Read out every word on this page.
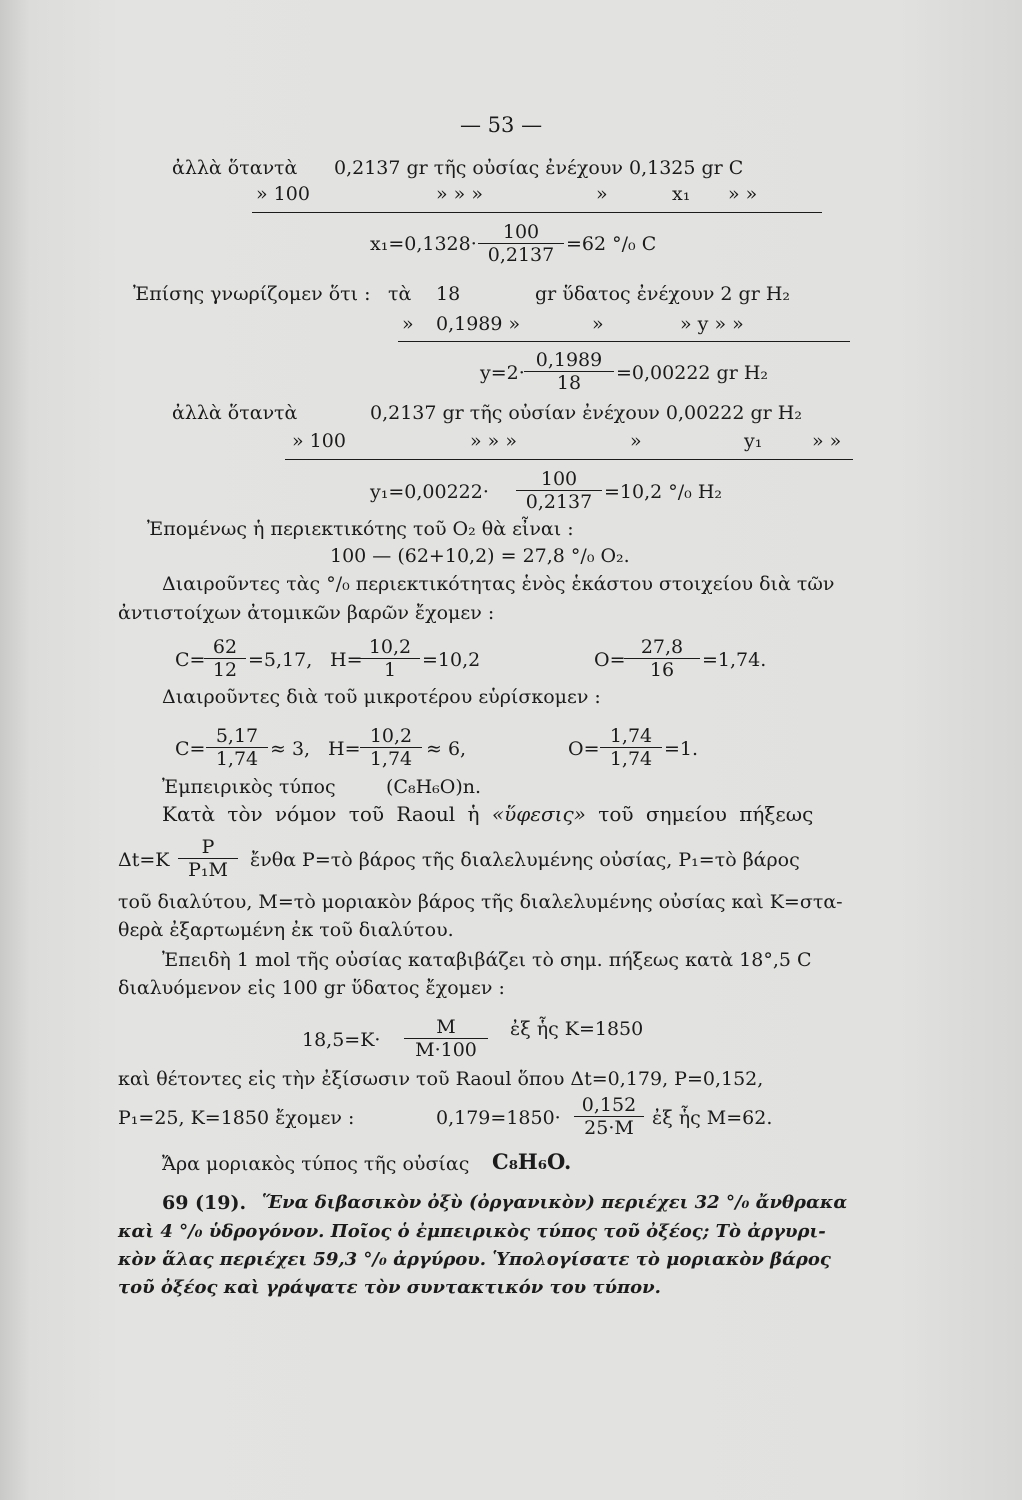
— 53 —
ἀλλὰ ὅταν τὰ 0,2137 gr τῆς οὐσίας ἐνέχουν 0,1325 gr C
» 100	» » »	»	x₁ » »
$x_1=0,1328\cdot \frac{100}{0,2137} =62$ °/₀ C
Ἐπίσης γνωρίζομεν ὅτι : τὰ 18	gr ὕδατος ἐνέχουν 2 gr H₂
» 0,1989 »	»	» y » »
$y=2\cdot \frac{0,1989}{18} =0,00222$ gr H₂
ἀλλὰ ὅταν τὰ	0,2137 gr τῆς οὐσίαν ἐνέχουν 0,00222 gr H₂
» 100	» » »	»	y₁	» »
$y_1=0,00222\cdot \frac{100}{0,2137} =10,2$ °/₀ H₂
Ἐπομένως ἡ περιεκτικότης τοῦ O₂ θὰ εἶναι :
100 — (62+10,2) = 27,8 °/₀ O₂.
Διαιροῦντες τὰς °/₀ περιεκτικότητας ἑνὸς ἑκάστου στοιχείου διὰ τῶν
ἀντιστοίχων ἀτομικῶν βαρῶν ἔχομεν :
C=
$\frac{62}{12} =5,17$, H=
$\frac{10,2}{1} =10,2$	O=
$\frac{27,8}{16} =1,74$.
Διαιροῦντες διὰ τοῦ μικροτέρου εὑρίσκομεν :
$C= \frac{5,17}{1,74} \approx 3$, $H= \frac{10,2}{1,74} \approx 6$,	$O= \frac{1,74}{1,74} =1$.
Ἐμπειρικὸς τύπος	(C₈H₆O)n.
Κατὰ τὸν νόμον τοῦ Raoul ἡ «ὕφεσις» τοῦ σημείου πήξεως
$\Delta t=K \frac{P}{\text{P₁M}}$ ἔνθα P=τὸ βάρος τῆς διαλελυμένης οὐσίας, P₁=τὸ βάρος
τοῦ διαλύτου, M=τὸ μοριακὸν βάρος τῆς διαλελυμένης οὐσίας καὶ K=στα-
θερὰ ἐξαρτωμένη ἐκ τοῦ διαλύτου.
Ἐπειδὴ 1 mol τῆς οὐσίας καταβιβάζει τὸ σημ. πήξεως κατὰ 18°,5 C
διαλυόμενον εἰς 100 gr ὕδατος ἔχομεν :
$18,5=K\cdot \frac{M}{M\cdot 100}$ ἐξ ἧς K=1850
καὶ θέτοντες εἰς τὴν ἐξίσωσιν τοῦ Raoul ὅπου Δt=0,179, P=0,152,
P₁=25, K=1850 ἔχομεν :	$0,179=1850\cdot \frac{0,152}{25\cdot M}$ ἐξ ἧς M=62.
Ἄρα μοριακὸς τύπος τῆς οὐσίας C₈H₆O.
69 (19). Ἕνα διβασικὸν ὀξὺ (ὀργανικὸν) περιέχει 32 °/₀ ἄνθρακα
καὶ 4 °/₀ ὑδρογόνον. Ποῖος ὁ ἐμπειρικὸς τύπος τοῦ ὀξέος; Τὸ ἀργυρι-
κὸν ἅλας περιέχει 59,3 °/₀ ἀργύρου. Ὑπολογίσατε τὸ μοριακὸν βάρος
τοῦ ὀξέος καὶ γράψατε τὸν συντακτικόν του τύπον.
